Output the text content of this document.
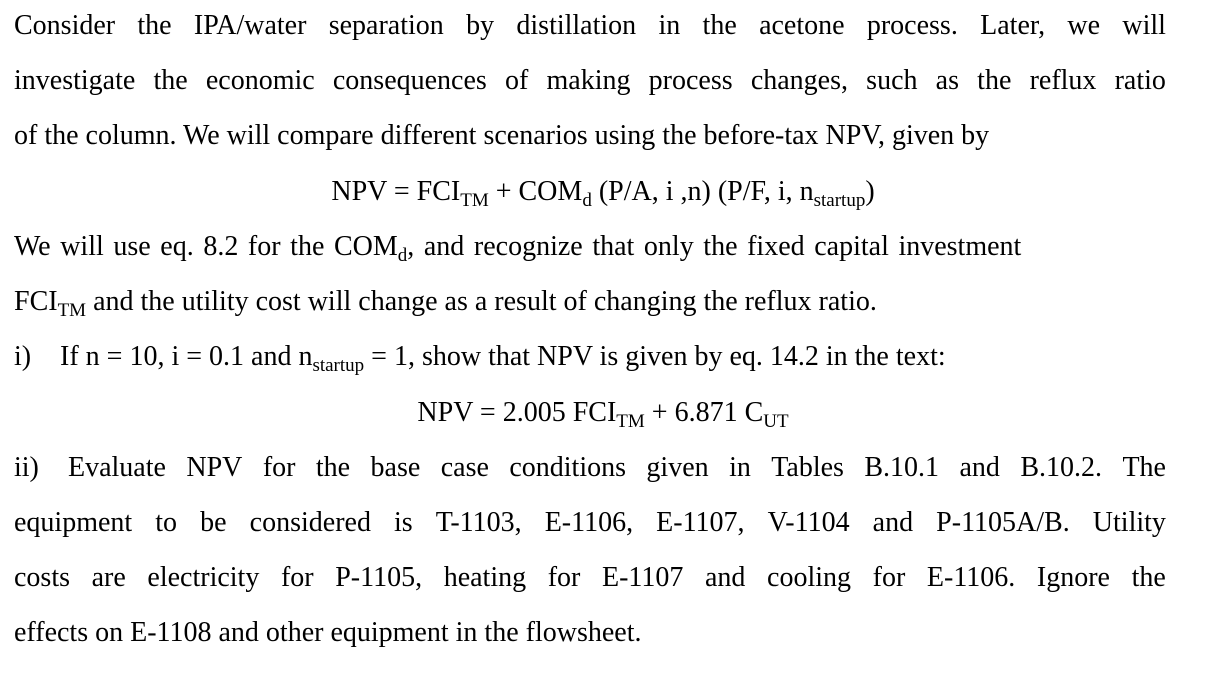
Consider the IPA/water separation by distillation in the acetone process. Later, we will
investigate the economic consequences of making process changes, such as the reflux ratio
of the column. We will compare different scenarios using the before-tax NPV, given by
NPV = $FCI_{TM} + COM_d$ (P/A, i ,n) (P/F, i, $n_{startup}$)
We will use eq. 8.2 for the $COM_d$, and recognize that only the fixed capital investment
$FCI_{TM}$ and the utility cost will change as a result of changing the reflux ratio.
i) If n = 10, i = 0.1 and $n_{startup} = 1$, show that NPV is given by eq. 14.2 in the text:
NPV = 2.005 $FCI_{TM} + 6.871$ $C_{UT}$
ii)	Evaluate NPV for the base case conditions given in Tables B.10.1 and B.10.2. The
equipment to be considered is T-1103, E-1106, E-1107, V-1104 and P-1105A/B. Utility
costs are electricity for P-1105, heating for E-1107 and cooling for E-1106. Ignore the
effects on E-1108 and other equipment in the flowsheet.
